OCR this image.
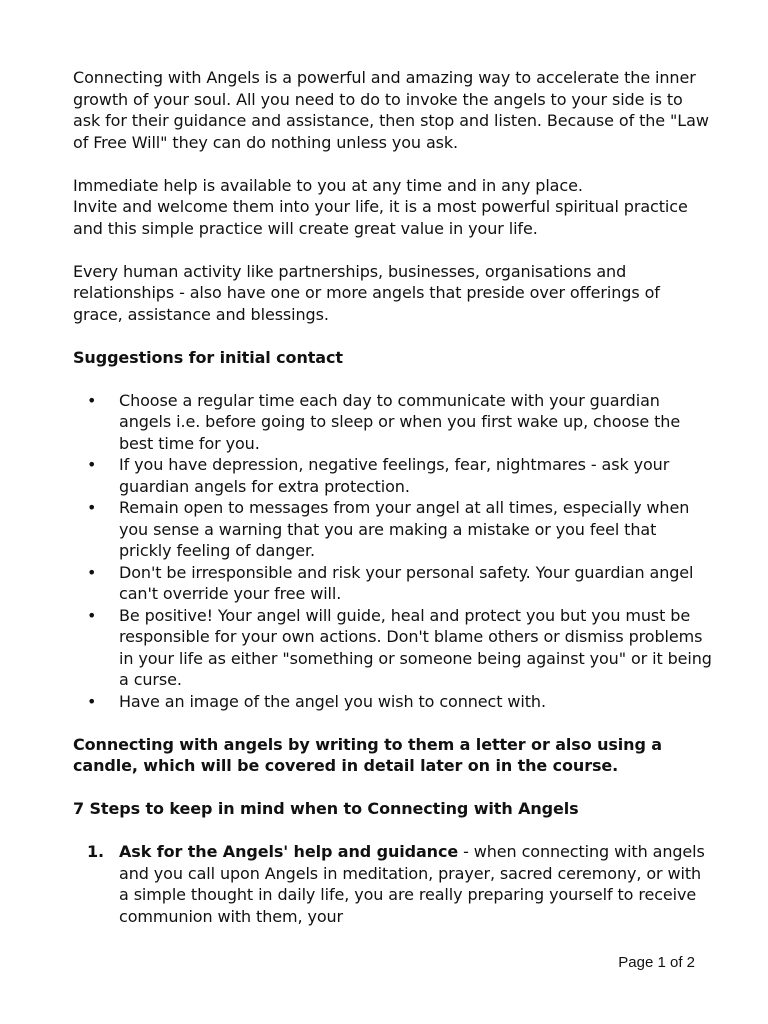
Connecting with Angels is a powerful and amazing way to accelerate the inner growth of your soul. All you need to do to invoke the angels to your side is to ask for their guidance and assistance, then stop and listen. Because of the "Law of Free Will" they can do nothing unless you ask.

Immediate help is available to you at any time and in any place.
Invite and welcome them into your life, it is a most powerful spiritual practice and this simple practice will create great value in your life.

Every human activity like partnerships, businesses, organisations and relationships - also have one or more angels that preside over offerings of grace, assistance and blessings.

Suggestions for initial contact
• Choose a regular time each day to communicate with your guardian angels i.e. before going to sleep or when you first wake up, choose the best time for you.
• If you have depression, negative feelings, fear, nightmares - ask your guardian angels for extra protection.
• Remain open to messages from your angel at all times, especially when you sense a warning that you are making a mistake or you feel that prickly feeling of danger.
• Don't be irresponsible and risk your personal safety. Your guardian angel can't override your free will.
• Be positive! Your angel will guide, heal and protect you but you must be responsible for your own actions. Don't blame others or dismiss problems in your life as either "something or someone being against you" or it being a curse.
• Have an image of the angel you wish to connect with.
Connecting with angels by writing to them a letter or also using a candle, which will be covered in detail later on in the course.
7 Steps to keep in mind when to Connecting with Angels
1. Ask for the Angels' help and guidance - when connecting with angels and you call upon Angels in meditation, prayer, sacred ceremony, or with a simple thought in daily life, you are really preparing yourself to receive communion with them, your
Page 1 of 2
